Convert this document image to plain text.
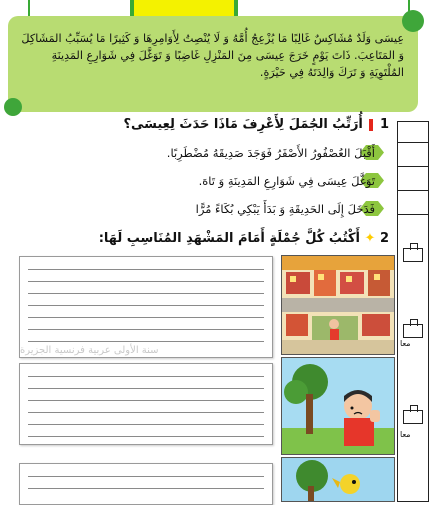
عِيسَى وَلَدٌ مُشَاكِسٌ غَالِبًا مَا يُزْعِجُ أُمَّهُ وَ لَا يُنْصِتُ لِأَوَامِرِهَا وَ كَثِيرًا مَا يُسَبِّبُ المَشَاكِلَ وَ المَتَاعِبَ. ذَاتَ يَوْمٍ خَرَجَ عِيسَى مِنَ المَنْزِلِ غَاضِبًا وَ تَوَغَّلَ فِي شَوَارِعِ المَدِينَةِ المُلْتَوِيَةِ وَ تَرَكَ وَالِدَتَهُ فِي حَيْرَةٍ.

1  أُرَتِّبُ الجُمَلَ لِأَعْرِفَ مَاذَا حَدَثَ لِعِيسَى؟
أَقْبَلَ العُصْفُورُ الأَصْفَرُ فَوَجَدَ صَدِيقَهُ مُضْطَرِبًا.
تَوَغَّلَ عِيسَى فِي شَوَارِعِ المَدِينَةِ وَ تَاهَ.
فَدَخَلَ إِلَى الحَدِيقَةِ وَ بَدَأَ يَبْكِي بُكَاءً مُرًّا
2 ✦ أَكْتُبُ كُلَّ جُمْلَةٍ أَمَامَ المَشْهَدِ المُنَاسِبِ لَهَا:
سنة الأولى عربية فرنسية الجزيرة
معا
معا
